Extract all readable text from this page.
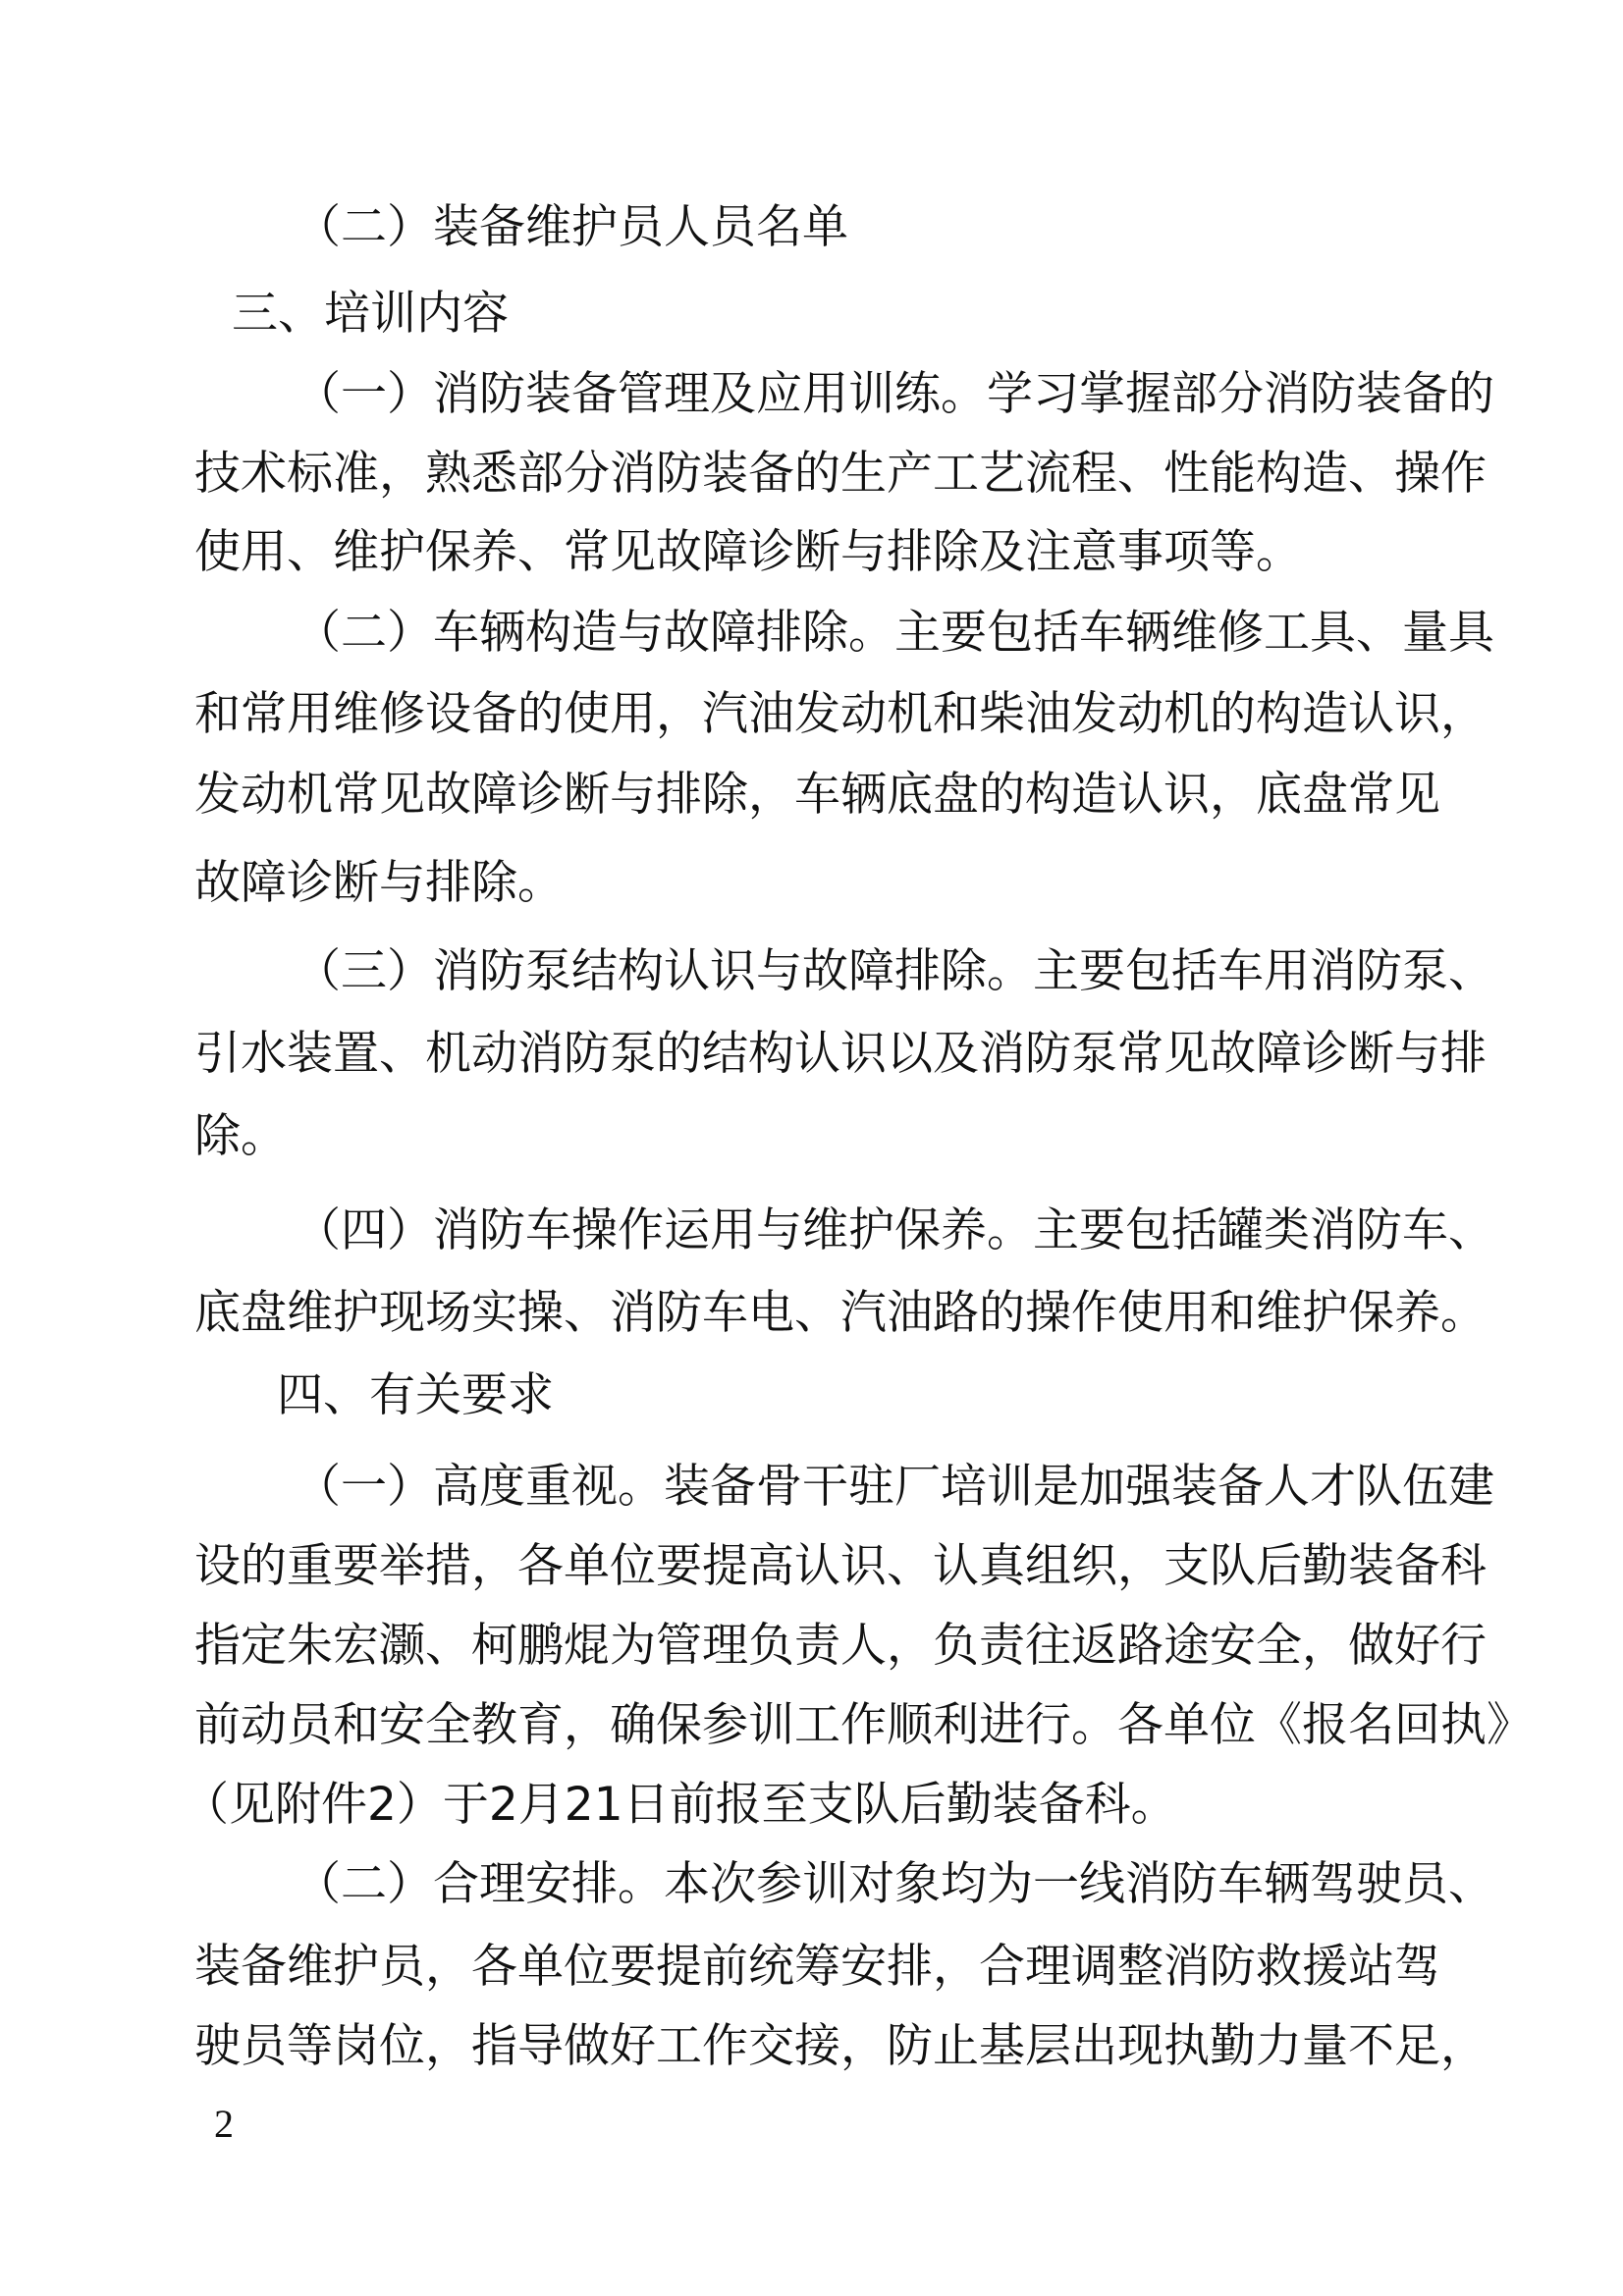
（二）装备维护员人员名单
三、培训内容
（一）消防装备管理及应用训练。学习掌握部分消防装备的
技术标准，熟悉部分消防装备的生产工艺流程、性能构造、操作
使用、维护保养、常见故障诊断与排除及注意事项等。
（二）车辆构造与故障排除。主要包括车辆维修工具、量具
和常用维修设备的使用，汽油发动机和柴油发动机的构造认识，
发动机常见故障诊断与排除，车辆底盘的构造认识，底盘常见
故障诊断与排除。
（三）消防泵结构认识与故障排除。主要包括车用消防泵、
引水装置、机动消防泵的结构认识以及消防泵常见故障诊断与排
除。
（四）消防车操作运用与维护保养。主要包括罐类消防车、
底盘维护现场实操、消防车电、汽油路的操作使用和维护保养。
四、有关要求
（一）高度重视。装备骨干驻厂培训是加强装备人才队伍建
设的重要举措，各单位要提高认识、认真组织，支队后勤装备科
指定朱宏灏、柯鹏焜为管理负责人，负责往返路途安全，做好行
前动员和安全教育，确保参训工作顺利进行。各单位《报名回执》
（见附件2）于2月21日前报至支队后勤装备科。
（二）合理安排。本次参训对象均为一线消防车辆驾驶员、
装备维护员，各单位要提前统筹安排，合理调整消防救援站驾
驶员等岗位，指导做好工作交接，防止基层出现执勤力量不足，
2
